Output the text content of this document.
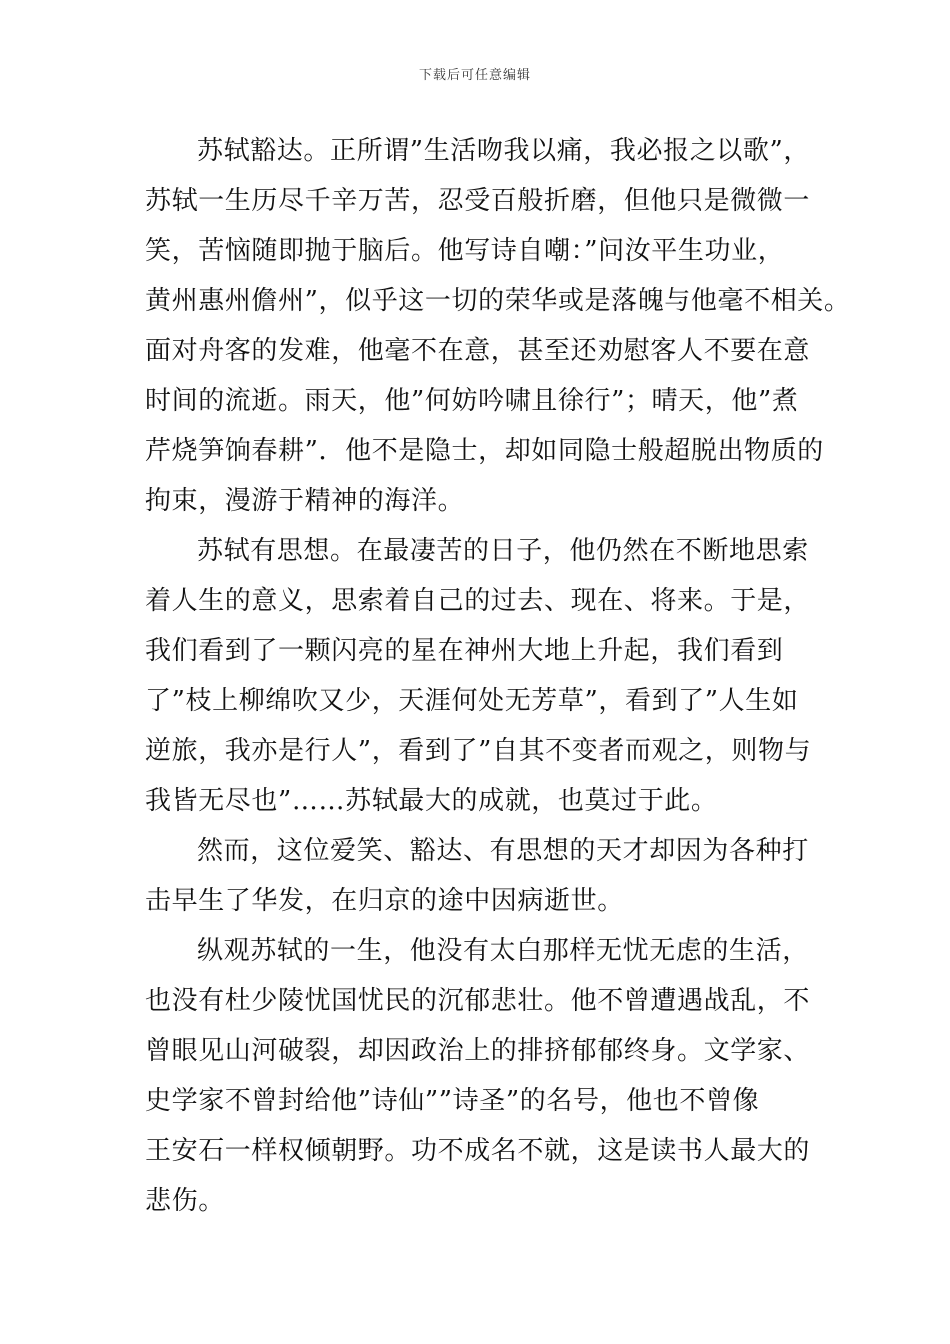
下载后可任意编辑
苏轼豁达。正所谓”生活吻我以痛，我必报之以歌”，
苏轼一生历尽千辛万苦，忍受百般折磨，但他只是微微一
笑，苦恼随即抛于脑后。他写诗自嘲：”问汝平生功业，
黄州惠州儋州”，似乎这一切的荣华或是落魄与他毫不相关。
面对舟客的发难，他毫不在意，甚至还劝慰客人不要在意
时间的流逝。雨天，他”何妨吟啸且徐行”；晴天，他”煮
芹烧笋饷春耕”．他不是隐士，却如同隐士般超脱出物质的
拘束，漫游于精神的海洋。
苏轼有思想。在最凄苦的日子，他仍然在不断地思索
着人生的意义，思索着自己的过去、现在、将来。于是，
我们看到了一颗闪亮的星在神州大地上升起，我们看到
了”枝上柳绵吹又少，天涯何处无芳草”，看到了”人生如
逆旅，我亦是行人”，看到了”自其不变者而观之，则物与
我皆无尽也”……苏轼最大的成就，也莫过于此。
然而，这位爱笑、豁达、有思想的天才却因为各种打
击早生了华发，在归京的途中因病逝世。
纵观苏轼的一生，他没有太白那样无忧无虑的生活，
也没有杜少陵忧国忧民的沉郁悲壮。他不曾遭遇战乱，不
曾眼见山河破裂，却因政治上的排挤郁郁终身。文学家、
史学家不曾封给他”诗仙””诗圣”的名号，他也不曾像
王安石一样权倾朝野。功不成名不就，这是读书人最大的
悲伤。
